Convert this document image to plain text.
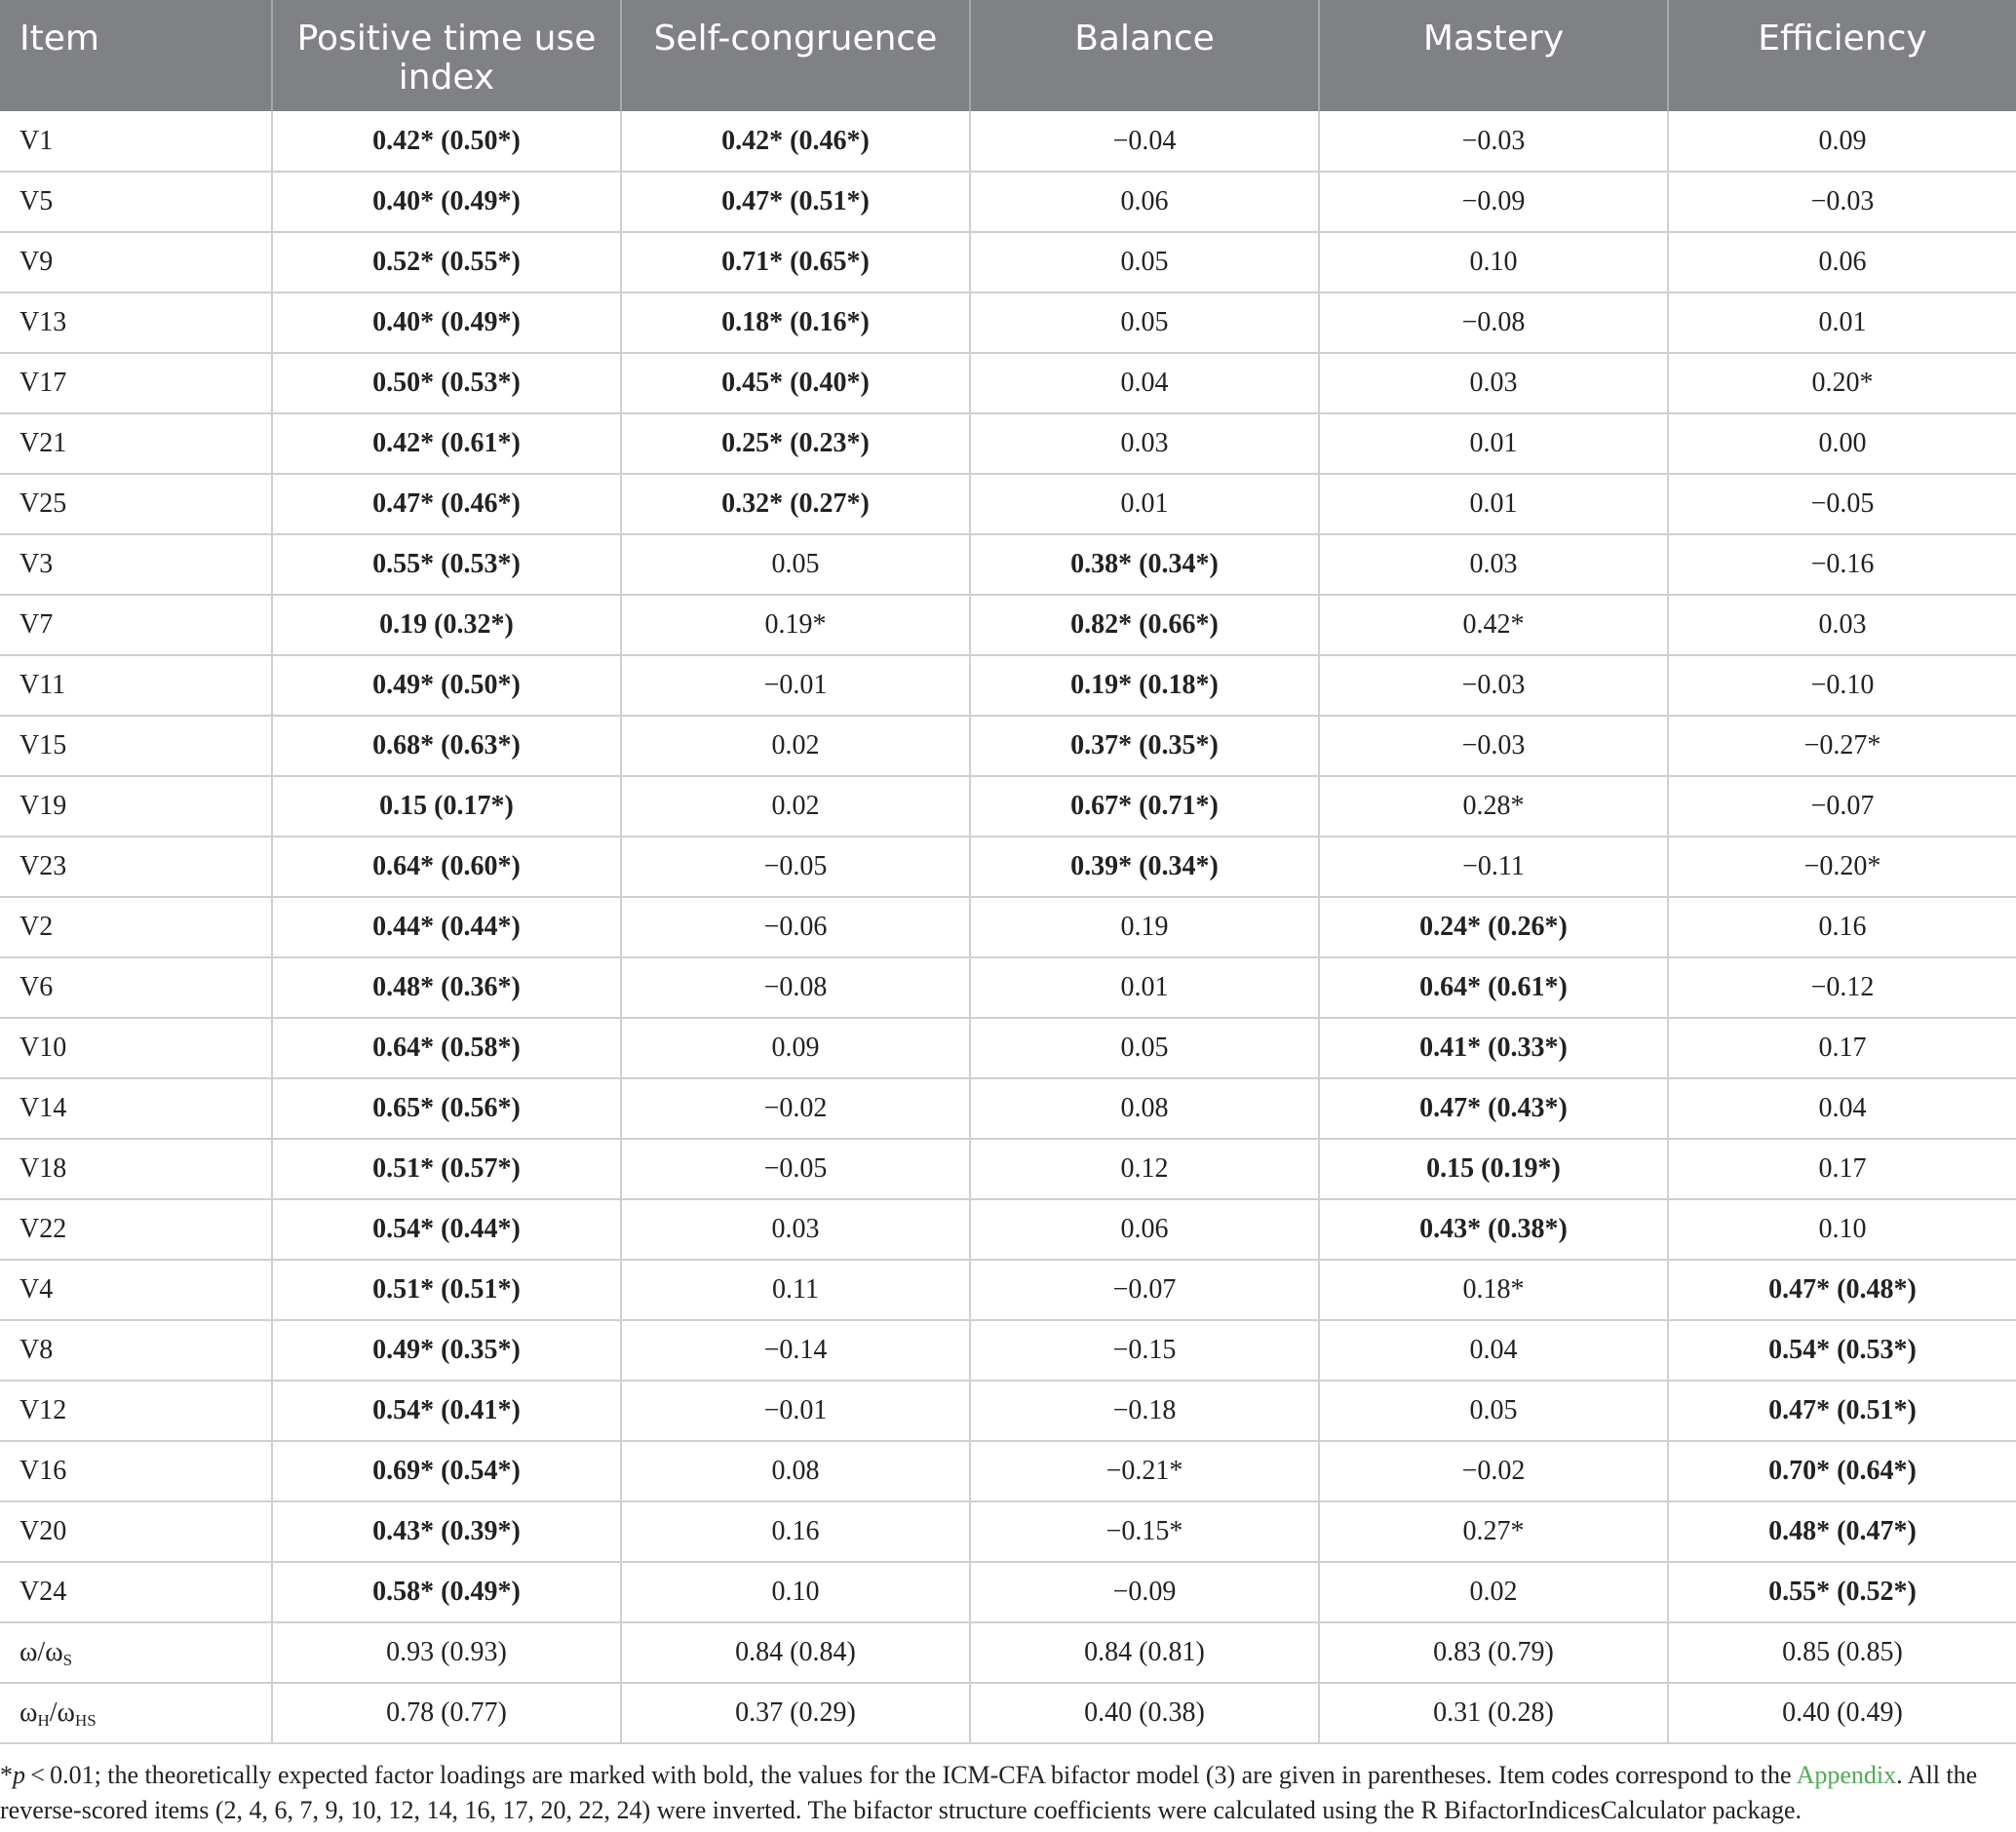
Item	Positive time use index	Self-congruence	Balance	Mastery	Efficiency
V1	0.42* (0.50*)	0.42* (0.46*)	−0.04	−0.03	0.09
V5	0.40* (0.49*)	0.47* (0.51*)	0.06	−0.09	−0.03
V9	0.52* (0.55*)	0.71* (0.65*)	0.05	0.10	0.06
V13	0.40* (0.49*)	0.18* (0.16*)	0.05	−0.08	0.01
V17	0.50* (0.53*)	0.45* (0.40*)	0.04	0.03	0.20*
V21	0.42* (0.61*)	0.25* (0.23*)	0.03	0.01	0.00
V25	0.47* (0.46*)	0.32* (0.27*)	0.01	0.01	−0.05
V3	0.55* (0.53*)	0.05	0.38* (0.34*)	0.03	−0.16
V7	0.19 (0.32*)	0.19*	0.82* (0.66*)	0.42*	0.03
V11	0.49* (0.50*)	−0.01	0.19* (0.18*)	−0.03	−0.10
V15	0.68* (0.63*)	0.02	0.37* (0.35*)	−0.03	−0.27*
V19	0.15 (0.17*)	0.02	0.67* (0.71*)	0.28*	−0.07
V23	0.64* (0.60*)	−0.05	0.39* (0.34*)	−0.11	−0.20*
V2	0.44* (0.44*)	−0.06	0.19	0.24* (0.26*)	0.16
V6	0.48* (0.36*)	−0.08	0.01	0.64* (0.61*)	−0.12
V10	0.64* (0.58*)	0.09	0.05	0.41* (0.33*)	0.17
V14	0.65* (0.56*)	−0.02	0.08	0.47* (0.43*)	0.04
V18	0.51* (0.57*)	−0.05	0.12	0.15 (0.19*)	0.17
V22	0.54* (0.44*)	0.03	0.06	0.43* (0.38*)	0.10
V4	0.51* (0.51*)	0.11	−0.07	0.18*	0.47* (0.48*)
V8	0.49* (0.35*)	−0.14	−0.15	0.04	0.54* (0.53*)
V12	0.54* (0.41*)	−0.01	−0.18	0.05	0.47* (0.51*)
V16	0.69* (0.54*)	0.08	−0.21*	−0.02	0.70* (0.64*)
V20	0.43* (0.39*)	0.16	−0.15*	0.27*	0.48* (0.47*)
V24	0.58* (0.49*)	0.10	−0.09	0.02	0.55* (0.52*)
$\omega/\omega_S$	0.93 (0.93)	0.84 (0.84)	0.84 (0.81)	0.83 (0.79)	0.85 (0.85)
$\omega_H/\omega_{HS}$	0.78 (0.77)	0.37 (0.29)	0.40 (0.38)	0.31 (0.28)	0.40 (0.49)
*p < 0.01; the theoretically expected factor loadings are marked with bold, the values for the ICM-CFA bifactor model (3) are given in parentheses. Item codes correspond to the Appendix. All the reverse-scored items (2, 4, 6, 7, 9, 10, 12, 14, 16, 17, 20, 22, 24) were inverted. The bifactor structure coefficients were calculated using the R BifactorIndicesCalculator package.
